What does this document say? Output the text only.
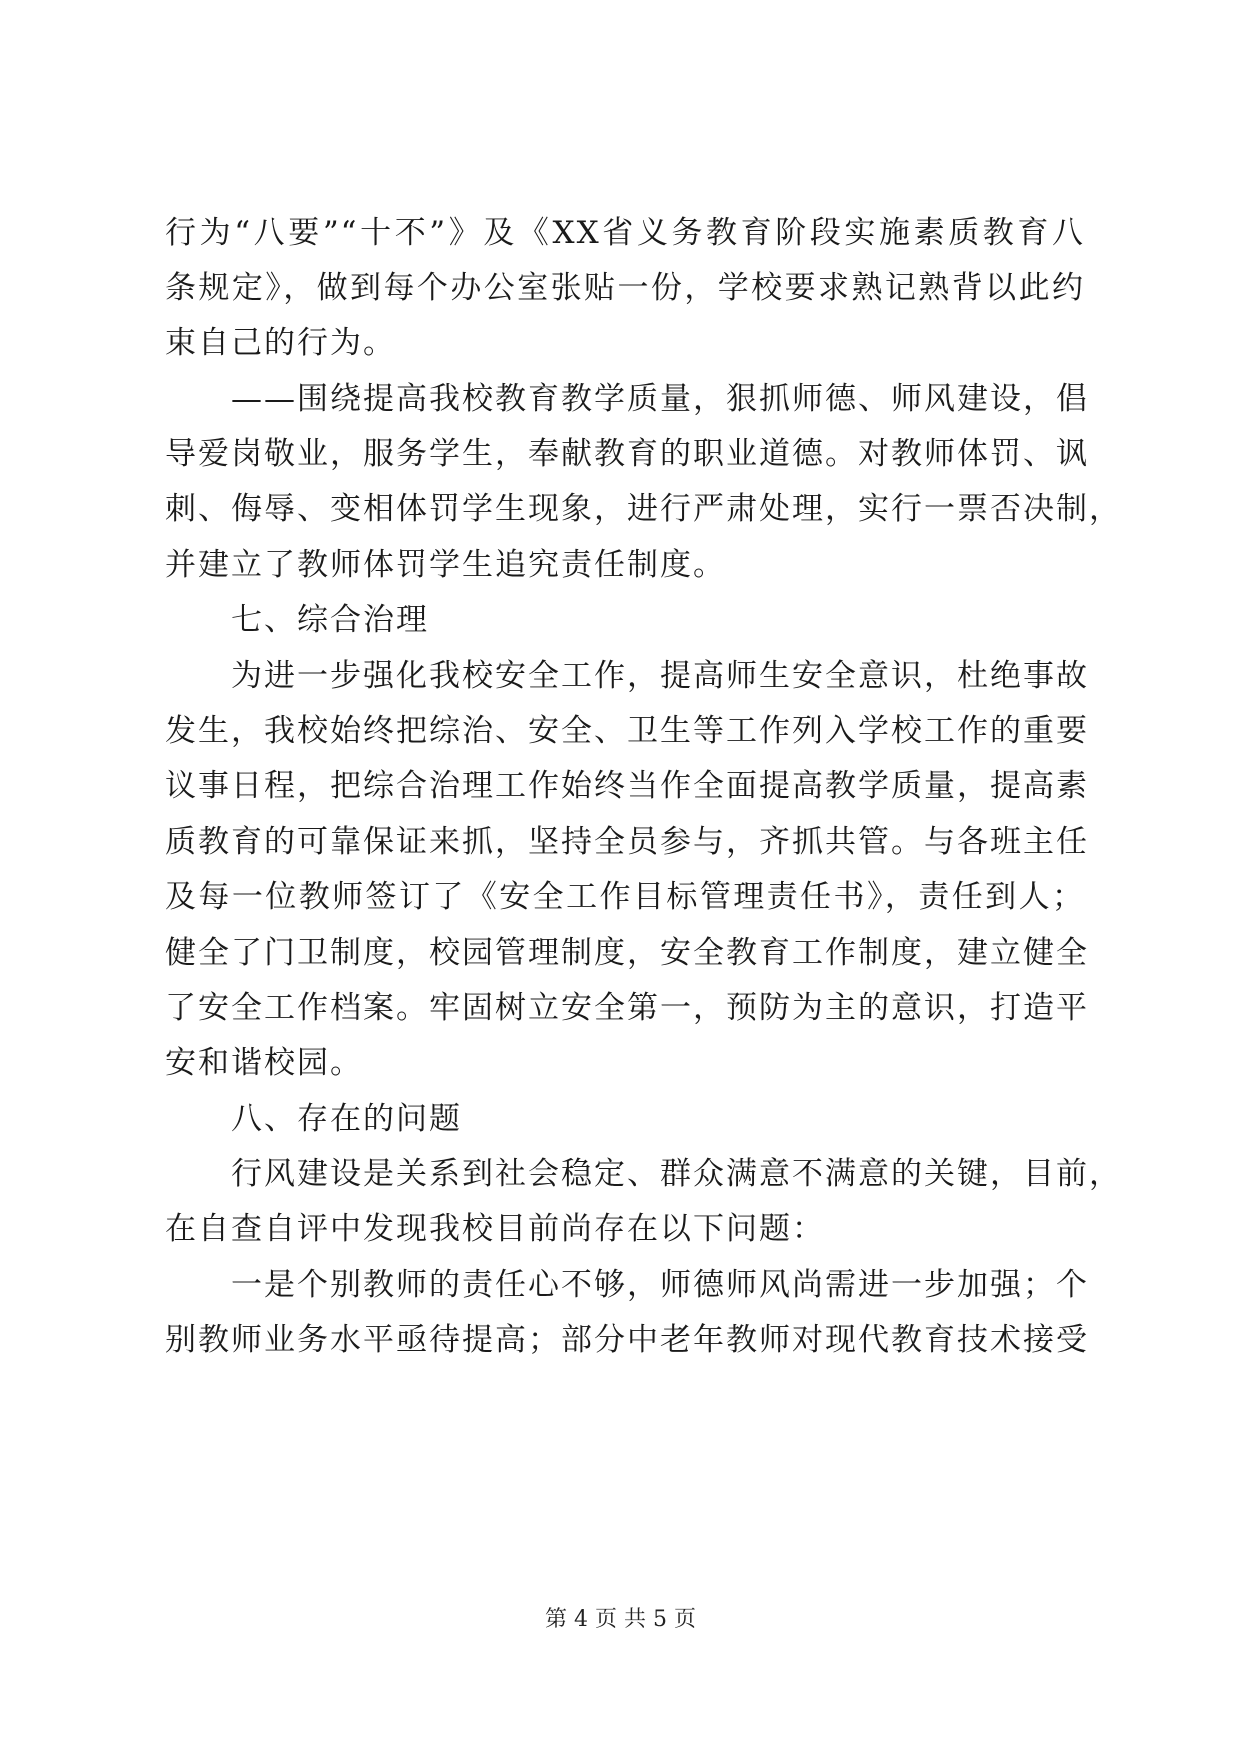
行为“八要”“十不”》及《XX省义务教育阶段实施素质教育八
条规定》，做到每个办公室张贴一份，学校要求熟记熟背以此约
束自己的行为。
——围绕提高我校教育教学质量，狠抓师德、师风建设，倡
导爱岗敬业，服务学生，奉献教育的职业道德。对教师体罚、讽
刺、侮辱、变相体罚学生现象，进行严肃处理，实行一票否决制，
并建立了教师体罚学生追究责任制度。
七、综合治理
为进一步强化我校安全工作，提高师生安全意识，杜绝事故
发生，我校始终把综治、安全、卫生等工作列入学校工作的重要
议事日程，把综合治理工作始终当作全面提高教学质量，提高素
质教育的可靠保证来抓，坚持全员参与，齐抓共管。与各班主任
及每一位教师签订了《安全工作目标管理责任书》，责任到人；
健全了门卫制度，校园管理制度，安全教育工作制度，建立健全
了安全工作档案。牢固树立安全第一，预防为主的意识，打造平
安和谐校园。
八、存在的问题
行风建设是关系到社会稳定、群众满意不满意的关键，目前，
在自查自评中发现我校目前尚存在以下问题：
一是个别教师的责任心不够，师德师风尚需进一步加强；个
别教师业务水平亟待提高；部分中老年教师对现代教育技术接受
第 4 页 共 5 页
